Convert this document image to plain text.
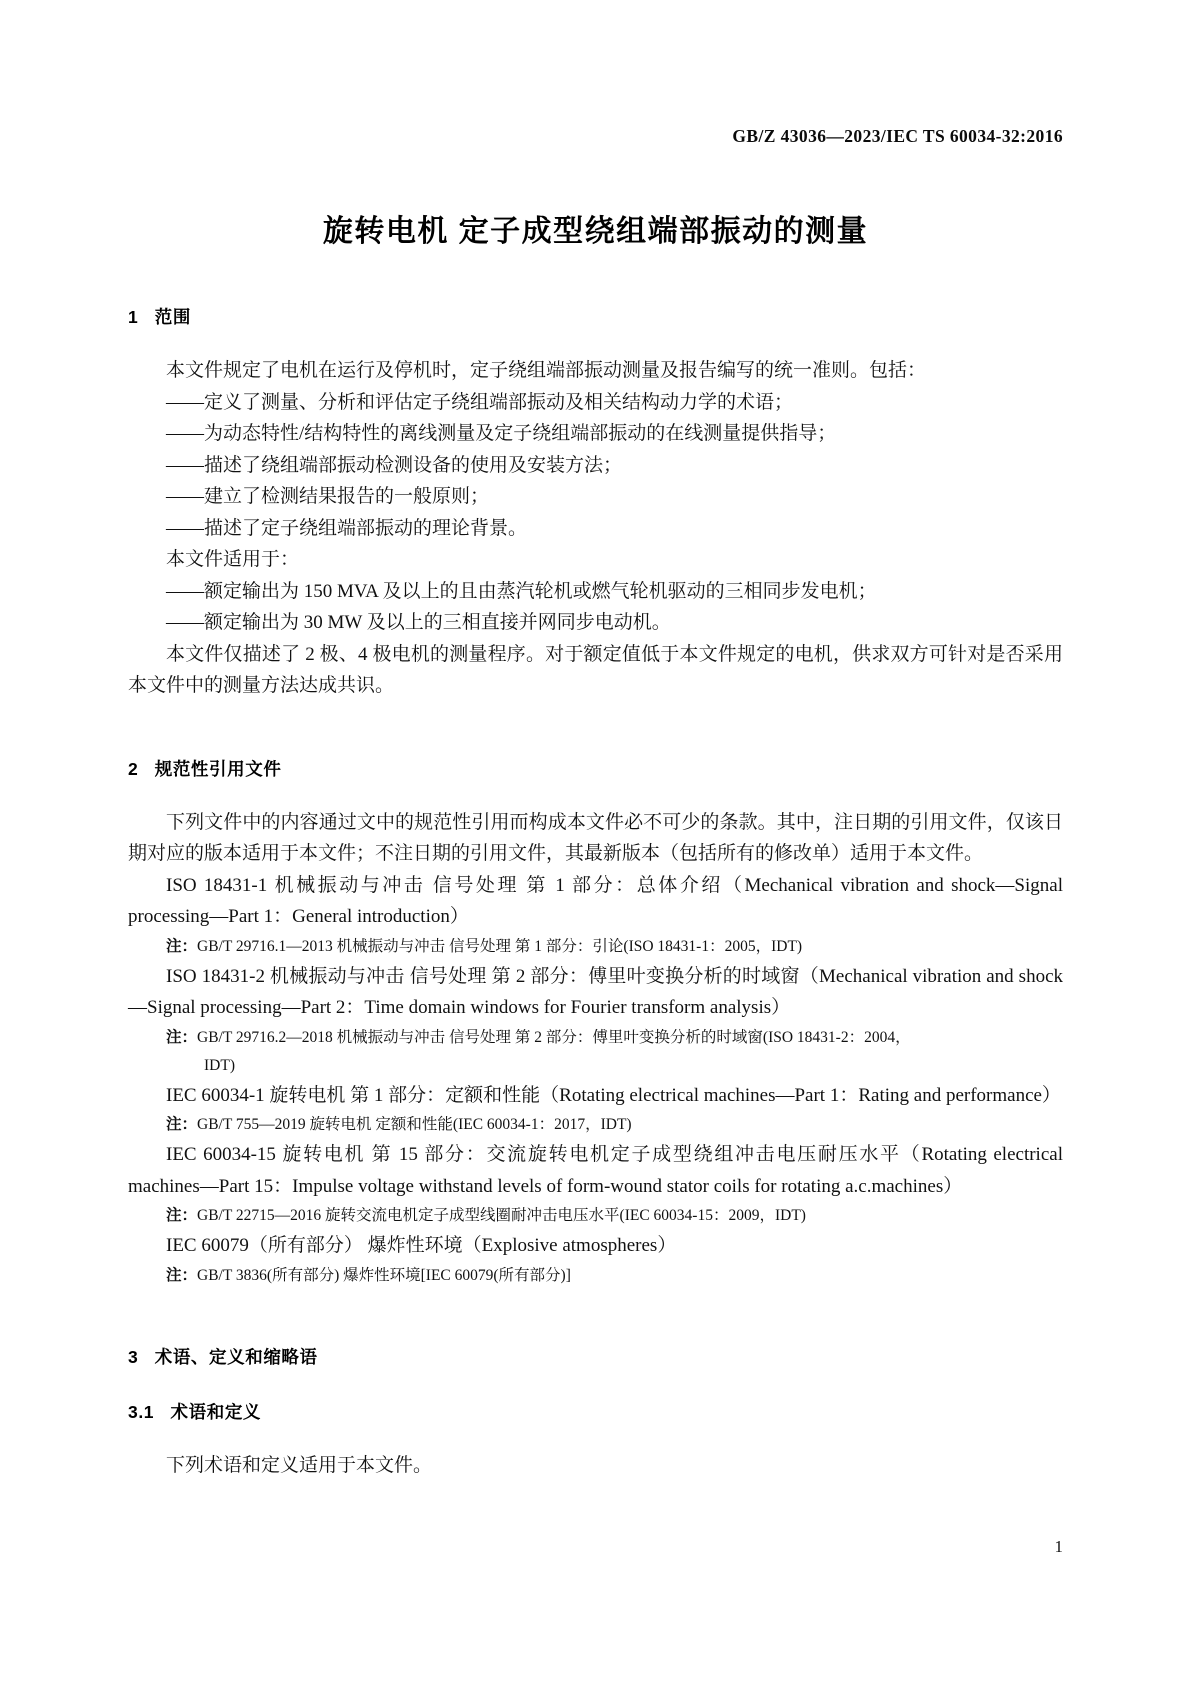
GB/Z 43036—2023/IEC TS 60034-32:2016
旋转电机 定子成型绕组端部振动的测量
1 范围

本文件规定了电机在运行及停机时，定子绕组端部振动测量及报告编写的统一准则。包括：

——定义了测量、分析和评估定子绕组端部振动及相关结构动力学的术语；

——为动态特性/结构特性的离线测量及定子绕组端部振动的在线测量提供指导；

——描述了绕组端部振动检测设备的使用及安装方法；

——建立了检测结果报告的一般原则；

——描述了定子绕组端部振动的理论背景。

本文件适用于：

——额定输出为 150 MVA 及以上的且由蒸汽轮机或燃气轮机驱动的三相同步发电机；

——额定输出为 30 MW 及以上的三相直接并网同步电动机。

本文件仅描述了 2 极、4 极电机的测量程序。对于额定值低于本文件规定的电机，供求双方可针对是否采用本文件中的测量方法达成共识。

2 规范性引用文件

下列文件中的内容通过文中的规范性引用而构成本文件必不可少的条款。其中，注日期的引用文件，仅该日期对应的版本适用于本文件；不注日期的引用文件，其最新版本（包括所有的修改单）适用于本文件。

ISO 18431-1 机械振动与冲击 信号处理 第 1 部分：总体介绍（Mechanical vibration and shock—Signal processing—Part 1：General introduction）

注：GB/T 29716.1—2013 机械振动与冲击 信号处理 第 1 部分：引论(ISO 18431-1：2005，IDT)

ISO 18431-2 机械振动与冲击 信号处理 第 2 部分：傅里叶变换分析的时域窗（Mechanical vibration and shock—Signal processing—Part 2：Time domain windows for Fourier transform analysis）

注：GB/T 29716.2—2018 机械振动与冲击 信号处理 第 2 部分：傅里叶变换分析的时域窗(ISO 18431-2：2004，

IDT)

IEC 60034-1 旋转电机 第 1 部分：定额和性能（Rotating electrical machines—Part 1：Rating and performance）

注：GB/T 755—2019 旋转电机 定额和性能(IEC 60034-1：2017，IDT)

IEC 60034-15 旋转电机 第 15 部分：交流旋转电机定子成型绕组冲击电压耐压水平（Rotating electrical machines—Part 15：Impulse voltage withstand levels of form-wound stator coils for rotating a.c.machines）

注：GB/T 22715—2016 旋转交流电机定子成型线圈耐冲击电压水平(IEC 60034-15：2009，IDT)

IEC 60079（所有部分） 爆炸性环境（Explosive atmospheres）

注：GB/T 3836(所有部分) 爆炸性环境[IEC 60079(所有部分)]

3 术语、定义和缩略语
3.1 术语和定义

下列术语和定义适用于本文件。

1
